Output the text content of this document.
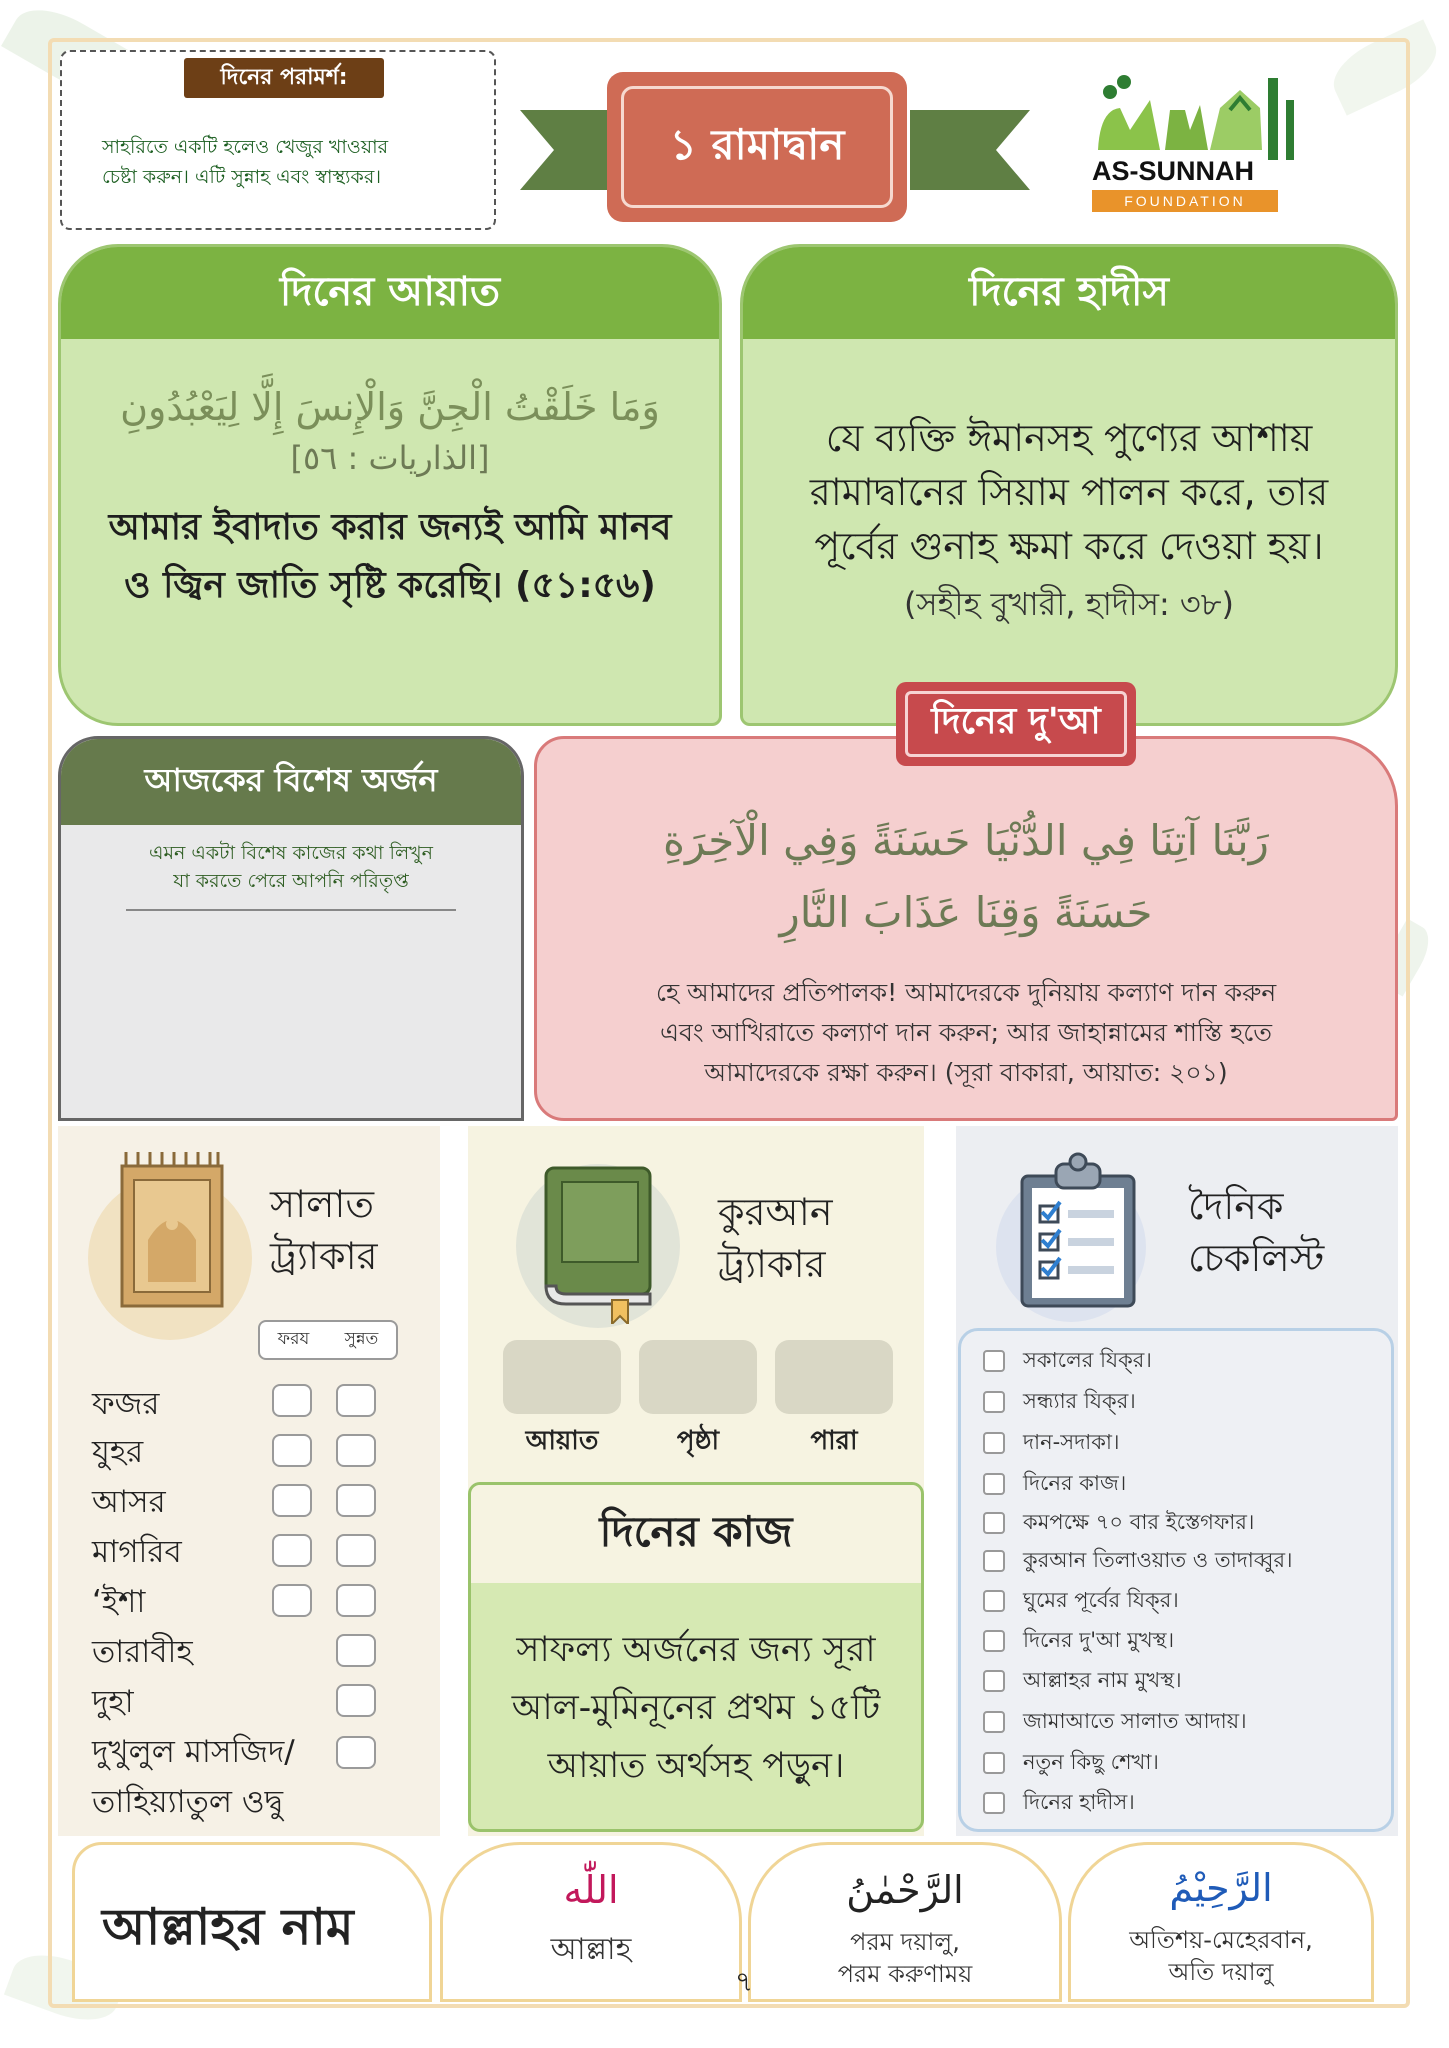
দিনের পরামর্শ:
সাহরিতে একটি হলেও খেজুর খাওয়ার
চেষ্টা করুন। এটি সুন্নাহ এবং স্বাস্থ্যকর।
১ রামাদ্বান
AS-SUNNAH
FOUNDATION
দিনের আয়াত
وَمَا خَلَقْتُ الْجِنَّ وَالْإِنسَ إِلَّا لِيَعْبُدُونِ
[الذاريات : ٥٦]
আমার ইবাদাত করার জন্যই আমি মানব
ও জ্বিন জাতি সৃষ্টি করেছি। (৫১:৫৬)
দিনের হাদীস
যে ব্যক্তি ঈমানসহ পুণ্যের আশায়
রামাদ্বানের সিয়াম পালন করে, তার
পূর্বের গুনাহ ক্ষমা করে দেওয়া হয়।
(সহীহ বুখারী, হাদীস: ৩৮)
আজকের বিশেষ অর্জন
এমন একটা বিশেষ কাজের কথা লিখুন
যা করতে পেরে আপনি পরিতৃপ্ত
رَبَّنَا آتِنَا فِي الدُّنْيَا حَسَنَةً وَفِي الْآخِرَةِ
حَسَنَةً وَقِنَا عَذَابَ النَّارِ
হে আমাদের প্রতিপালক! আমাদেরকে দুনিয়ায় কল্যাণ দান করুন
এবং আখিরাতে কল্যাণ দান করুন; আর জাহান্নামের শাস্তি হতে
আমাদেরকে রক্ষা করুন। (সূরা বাকারা, আয়াত: ২০১)
দিনের দু'আ
সালাত
ট্র্যাকার
ফরয সুন্নত
ফজর
যুহর
আসর
মাগরিব
‘ইশা
তারাবীহ
দুহা
দুখুলুল মাসজিদ/
তাহিয়্যাতুল ওদ্বু
কুরআন
ট্র্যাকার
আয়াত	পৃষ্ঠা	পারা
দিনের কাজ
সাফল্য অর্জনের জন্য সূরা
আল-মুমিনূনের প্রথম ১৫টি
আয়াত অর্থসহ পড়ুন।
দৈনিক
চেকলিস্ট
সকালের যিক্‌র।
সন্ধ্যার যিক্‌র।
দান-সদাকা।
দিনের কাজ।
কমপক্ষে ৭০ বার ইস্তেগফার।
কুরআন তিলাওয়াত ও তাদাব্বুর।
ঘুমের পূর্বের যিক্‌র।
দিনের দু'আ মুখস্থ।
আল্লাহর নাম মুখস্থ।
জামাআতে সালাত আদায়।
নতুন কিছু শেখা।
দিনের হাদীস।
আল্লাহর নাম
اللّٰه
আল্লাহ
الرَّحْمٰنُ
পরম দয়ালু,
পরম করুণাময়
الرَّحِيْمُ
অতিশয়-মেহেরবান,
অতি দয়ালু
৭
